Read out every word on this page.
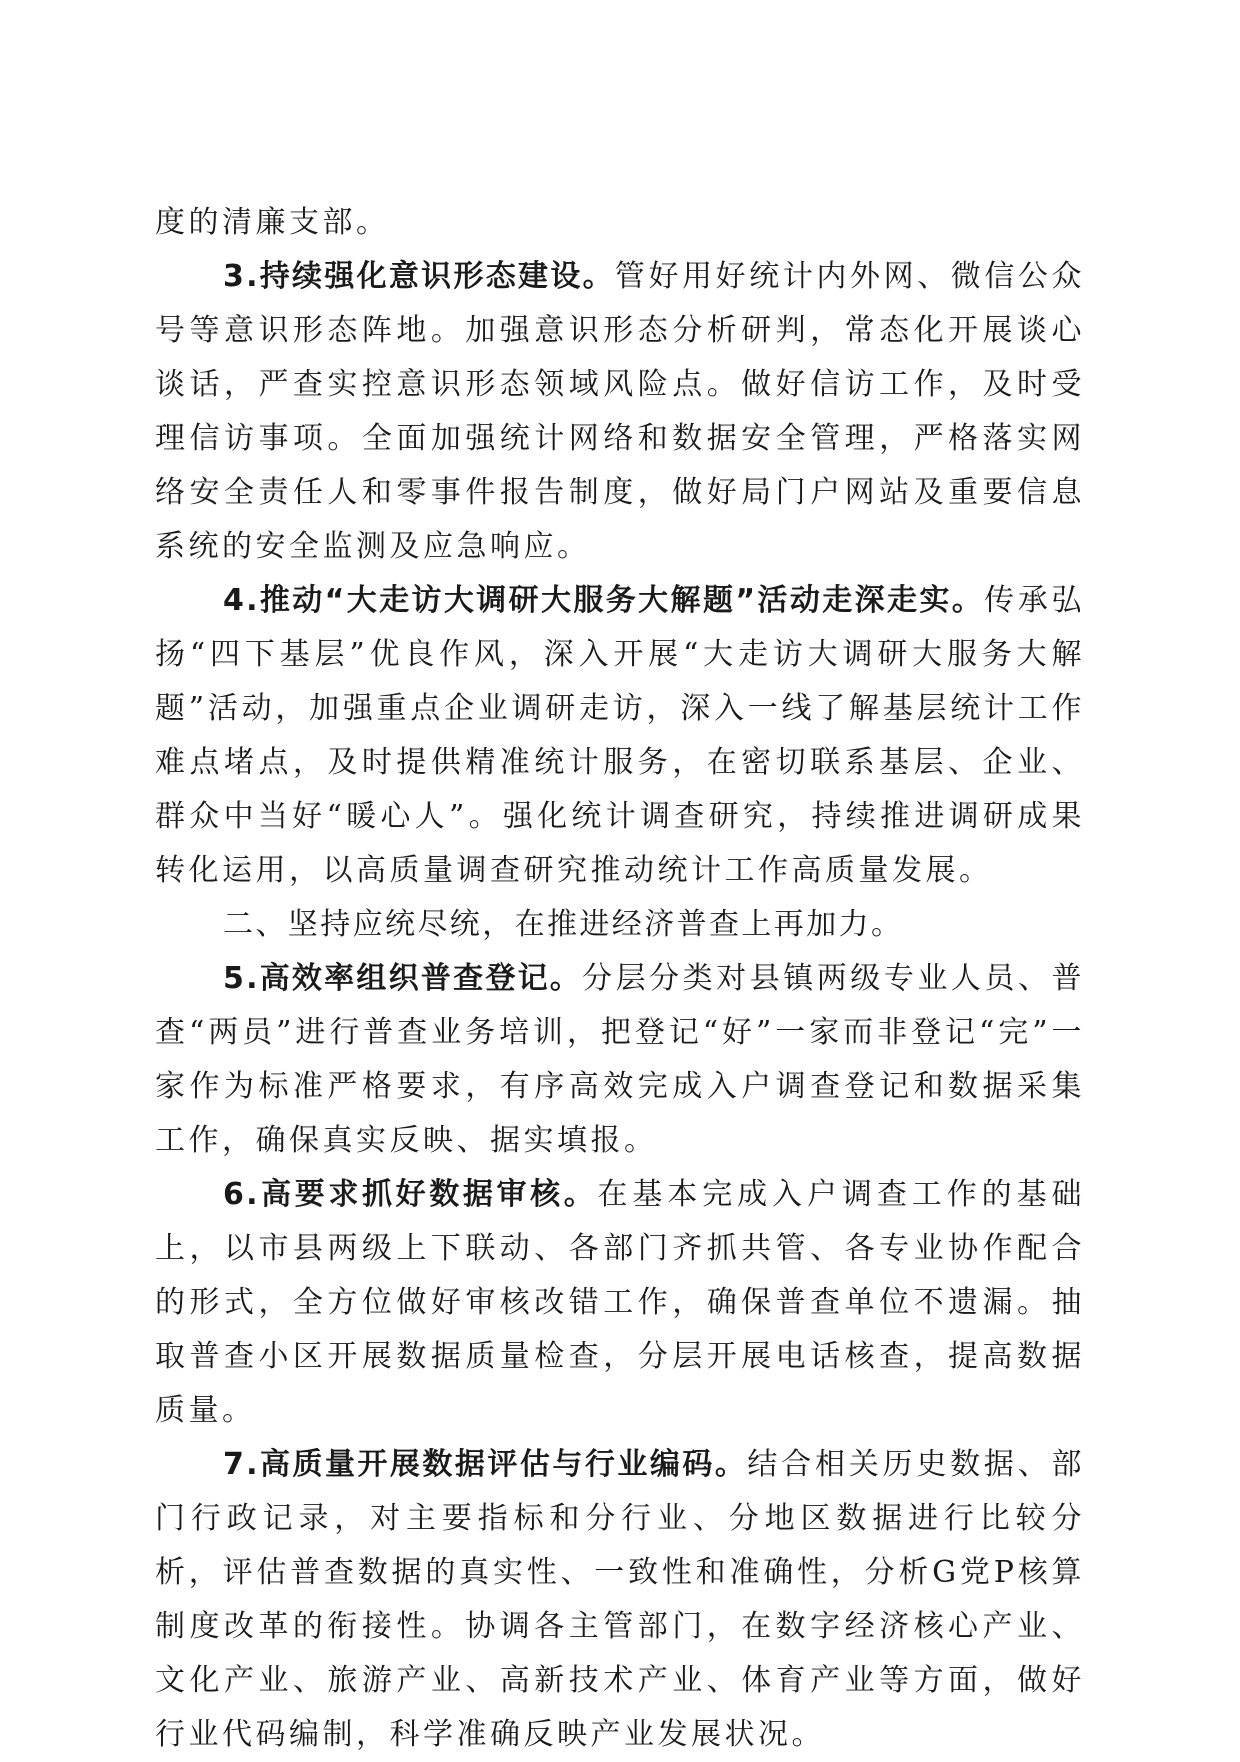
度的清廉支部。

3.持续强化意识形态建设。管好用好统计内外网、微信公众号等意识形态阵地。加强意识形态分析研判，常态化开展谈心谈话，严查实控意识形态领域风险点。做好信访工作，及时受理信访事项。全面加强统计网络和数据安全管理，严格落实网络安全责任人和零事件报告制度，做好局门户网站及重要信息系统的安全监测及应急响应。

4.推动“大走访大调研大服务大解题”活动走深走实。传承弘扬“四下基层”优良作风，深入开展“大走访大调研大服务大解题”活动，加强重点企业调研走访，深入一线了解基层统计工作难点堵点，及时提供精准统计服务，在密切联系基层、企业、群众中当好“暖心人”。强化统计调查研究，持续推进调研成果转化运用，以高质量调查研究推动统计工作高质量发展。

二、坚持应统尽统，在推进经济普查上再加力。

5.高效率组织普查登记。分层分类对县镇两级专业人员、普查“两员”进行普查业务培训，把登记“好”一家而非登记“完”一家作为标准严格要求，有序高效完成入户调查登记和数据采集工作，确保真实反映、据实填报。

6.高要求抓好数据审核。在基本完成入户调查工作的基础上，以市县两级上下联动、各部门齐抓共管、各专业协作配合的形式，全方位做好审核改错工作，确保普查单位不遗漏。抽取普查小区开展数据质量检查，分层开展电话核查，提高数据质量。

7.高质量开展数据评估与行业编码。结合相关历史数据、部门行政记录，对主要指标和分行业、分地区数据进行比较分析，评估普查数据的真实性、一致性和准确性，分析G党P核算制度改革的衔接性。协调各主管部门，在数字经济核心产业、文化产业、旅游产业、高新技术产业、体育产业等方面，做好行业代码编制，科学准确反映产业发展状况。
